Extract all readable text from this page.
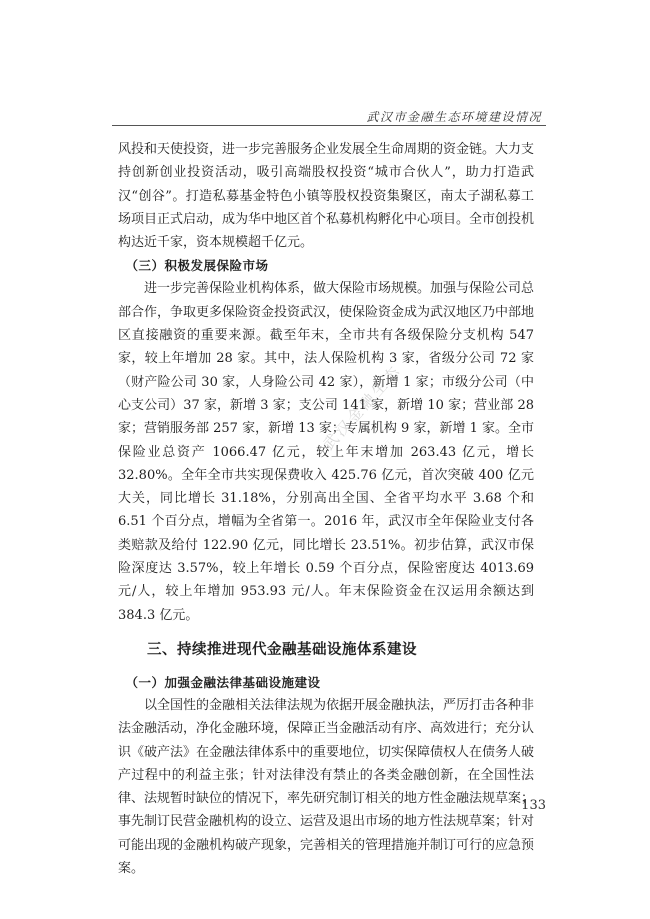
武汉市金融生态环境建设情况

风投和天使投资，进一步完善服务企业发展全生命周期的资金链。大力支持创新创业投资活动，吸引高端股权投资“城市合伙人”，助力打造武汉“创谷”。打造私募基金特色小镇等股权投资集聚区，南太子湖私募工场项目正式启动，成为华中地区首个私募机构孵化中心项目。全市创投机构达近千家，资本规模超千亿元。

（三）积极发展保险市场

进一步完善保险业机构体系，做大保险市场规模。加强与保险公司总部合作，争取更多保险资金投资武汉，使保险资金成为武汉地区乃中部地区直接融资的重要来源。截至年末，全市共有各级保险分支机构 547 家，较上年增加 28 家。其中，法人保险机构 3 家，省级分公司 72 家（财产险公司 30 家，人身险公司 42 家），新增 1 家；市级分公司（中心支公司）37 家，新增 3 家；支公司 141 家，新增 10 家；营业部 28 家；营销服务部 257 家，新增 13 家；专属机构 9 家，新增 1 家。全市保险业总资产 1066.47 亿元，较上年末增加 263.43 亿元，增长 32.80%。全年全市共实现保费收入 425.76 亿元，首次突破 400 亿元大关，同比增长 31.18%，分别高出全国、全省平均水平 3.68 个和 6.51 个百分点，增幅为全省第一。2016 年，武汉市全年保险业支付各类赔款及给付 122.90 亿元，同比增长 23.51%。初步估算，武汉市保险深度达 3.57%，较上年增长 0.59 个百分点，保险密度达 4013.69 元/人，较上年增加 953.93 元/人。年末保险资金在汉运用余额达到 384.3 亿元。

三、持续推进现代金融基础设施体系建设

（一）加强金融法律基础设施建设

以全国性的金融相关法律法规为依据开展金融执法，严厉打击各种非法金融活动，净化金融环境，保障正当金融活动有序、高效进行；充分认识《破产法》在金融法律体系中的重要地位，切实保障债权人在债务人破产过程中的利益主张；针对法律没有禁止的各类金融创新，在全国性法律、法规暂时缺位的情况下，率先研究制订相关的地方性金融法规草案；事先制订民营金融机构的设立、运营及退出市场的地方性法规草案；针对可能出现的金融机构破产现象，完善相关的管理措施并制订可行的应急预案。

武汉金融生态
133
